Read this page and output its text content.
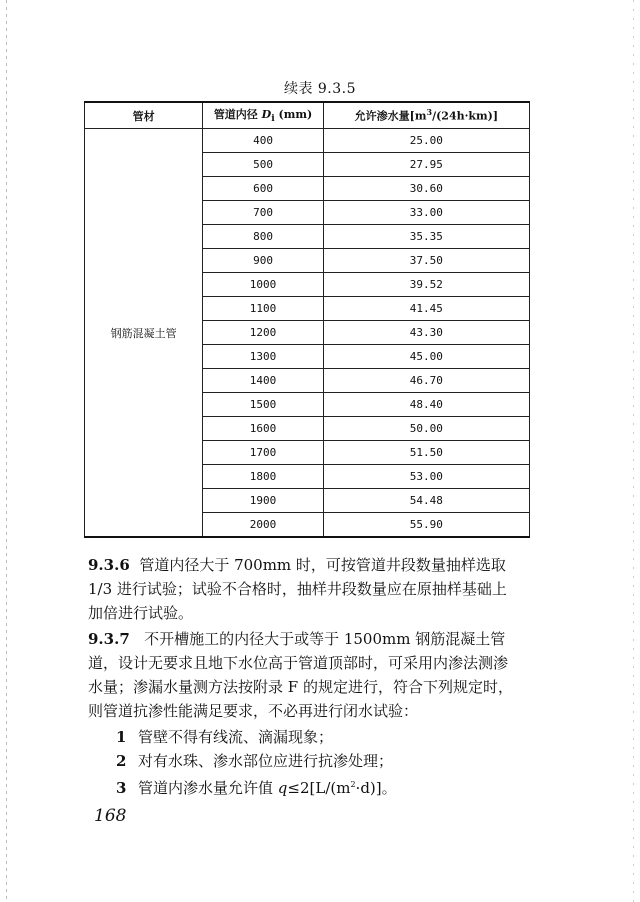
续表 9.3.5
管材	管道内径 $D_i$ (mm)	允许渗水量$[m^3/(24h\cdot km)]$
钢筋混凝土管	400	25.00
	500	27.95
	600	30.60
	700	33.00
	800	35.35
	900	37.50
	1000	39.52
	1100	41.45
	1200	43.30
	1300	45.00
	1400	46.70
	1500	48.40
	1600	50.00
	1700	51.50
	1800	53.00
	1900	54.48
	2000	55.90

9.3.6 管道内径大于 700mm 时，可按管道井段数量抽样选取
1/3 进行试验；试验不合格时，抽样井段数量应在原抽样基础上
加倍进行试验。

9.3.7 不开槽施工的内径大于或等于 1500mm 钢筋混凝土管
道，设计无要求且地下水位高于管道顶部时，可采用内渗法测渗
水量；渗漏水量测方法按附录 F 的规定进行，符合下列规定时，
则管道抗渗性能满足要求，不必再进行闭水试验：

1 管壁不得有线流、滴漏现象；
2 对有水珠、渗水部位应进行抗渗处理；
3 管道内渗水量允许值 $q\le 2[L/(m^2\cdot d)]$。

168
